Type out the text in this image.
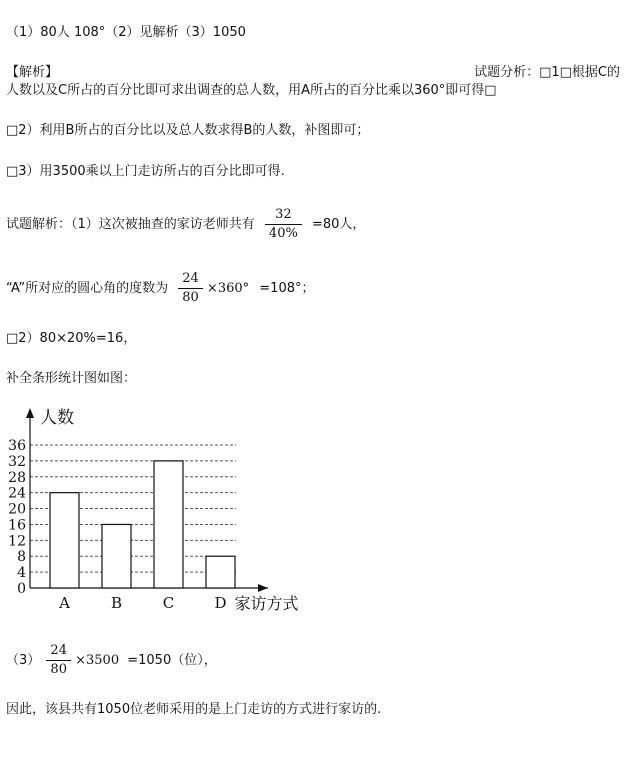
（1）80人 108°（2）见解析（3）1050
【解析】	试题分析：□1□根据C的
人数以及C所占的百分比即可求出调查的总人数，用A所占的百分比乘以360°即可得□
□2）利用B所占的百分比以及总人数求得B的人数，补图即可；
□3）用3500乘以上门走访所占的百分比即可得.
试题解析：（1）这次被抽查的家访老师共有 $\frac{32}{40\%} =80$人，
“A”所对应的圆心角的度数为 $\frac{24}{80} \times 360^\circ =108^\circ$；
□2）80×20%=16，
补全条形统计图如图：
0
4
8
12
16
20
24
28
32
36
人数
A	B	C	D 家访方式
$(3) \frac{24}{80} \times 3500 =1050$（位），
因此，该县共有1050位老师采用的是上门走访的方式进行家访的.
